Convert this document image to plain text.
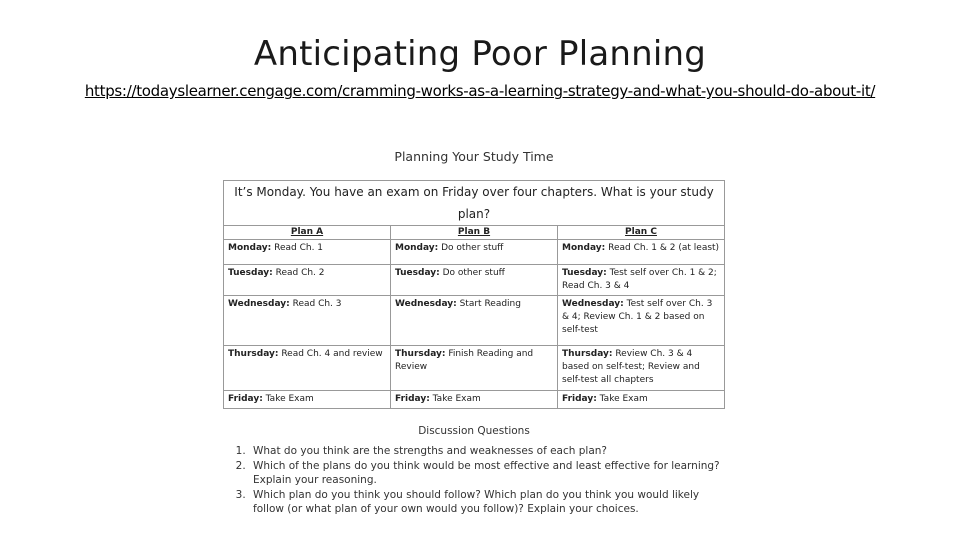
Anticipating Poor Planning
https://todayslearner.cengage.com/cramming-works-as-a-learning-strategy-and-what-you-should-do-about-it/
Planning Your Study Time
It’s Monday. You have an exam on Friday over four chapters. What is your study plan?		
Plan A	Plan B	Plan C
Monday: Read Ch. 1	Monday: Do other stuff	Monday: Read Ch. 1 & 2 (at least)
Tuesday: Read Ch. 2	Tuesday: Do other stuff	Tuesday: Test self over Ch. 1 & 2; Read Ch. 3 & 4
Wednesday: Read Ch. 3	Wednesday: Start Reading	Wednesday: Test self over Ch. 3 & 4; Review Ch. 1 & 2 based on self-test
Thursday: Read Ch. 4 and review	Thursday: Finish Reading and Review	Thursday: Review Ch. 3 & 4 based on self-test; Review and self-test all chapters
Friday: Take Exam	Friday: Take Exam	Friday: Take Exam
Discussion Questions
1. What do you think are the strengths and weaknesses of each plan?
2. Which of the plans do you think would be most effective and least effective for learning? Explain your reasoning.
3. Which plan do you think you should follow? Which plan do you think you would likely follow (or what plan of your own would you follow)? Explain your choices.
